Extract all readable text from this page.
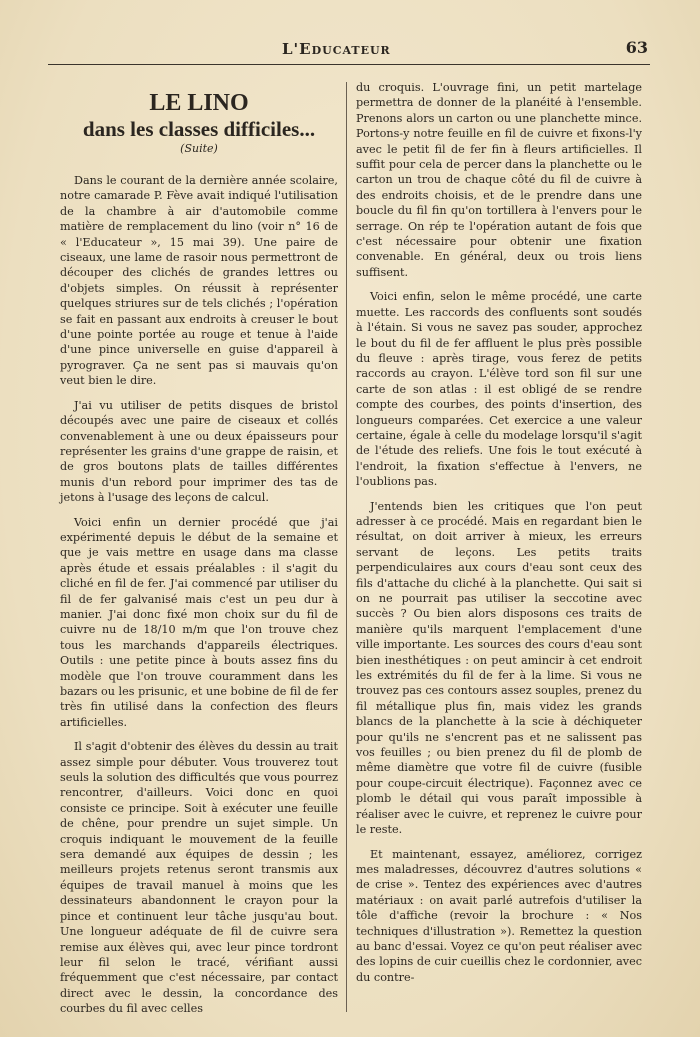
L'Educateur	63
LE LINO
dans les classes difficiles...
(Suite)

Dans le courant de la dernière année scolaire, notre camarade P. Fève avait indiqué l'utilisation de la chambre à air d'automobile comme matière de remplacement du lino (voir n° 16 de « l'Educateur », 15 mai 39). Une paire de ciseaux, une lame de rasoir nous permettront de découper des clichés de grandes lettres ou d'objets simples. On réussit à représenter quelques striures sur de tels clichés ; l'opération se fait en passant aux endroits à creuser le bout d'une pointe portée au rouge et tenue à l'aide d'une pince universelle en guise d'appareil à pyrograver. Ça ne sent pas si mauvais qu'on veut bien le dire.

J'ai vu utiliser de petits disques de bristol découpés avec une paire de ciseaux et collés convenablement à une ou deux épaisseurs pour représenter les grains d'une grappe de raisin, et de gros boutons plats de tailles différentes munis d'un rebord pour imprimer des tas de jetons à l'usage des leçons de calcul.

Voici enfin un dernier procédé que j'ai expérimenté depuis le début de la semaine et que je vais mettre en usage dans ma classe après étude et essais préalables : il s'agit du cliché en fil de fer. J'ai commencé par utiliser du fil de fer galvanisé mais c'est un peu dur à manier. J'ai donc fixé mon choix sur du fil de cuivre nu de 18/10 m/m que l'on trouve chez tous les marchands d'appareils électriques. Outils : une petite pince à bouts assez fins du modèle que l'on trouve couramment dans les bazars ou les prisunic, et une bobine de fil de fer très fin utilisé dans la confection des fleurs artificielles.

Il s'agit d'obtenir des élèves du dessin au trait assez simple pour débuter. Vous trouverez tout seuls la solution des difficultés que vous pourrez rencontrer, d'ailleurs. Voici donc en quoi consiste ce principe. Soit à exécuter une feuille de chêne, pour prendre un sujet simple. Un croquis indiquant le mouvement de la feuille sera demandé aux équipes de dessin ; les meilleurs projets retenus seront transmis aux équipes de travail manuel à moins que les dessinateurs abandonnent le crayon pour la pince et continuent leur tâche jusqu'au bout. Une longueur adéquate de fil de cuivre sera remise aux élèves qui, avec leur pince tordront leur fil selon le tracé, vérifiant aussi fréquemment que c'est nécessaire, par contact direct avec le dessin, la concordance des courbes du fil avec celles

du croquis. L'ouvrage fini, un petit martelage permettra de donner de la planéité à l'ensemble. Prenons alors un carton ou une planchette mince. Portons-y notre feuille en fil de cuivre et fixons-l'y avec le petit fil de fer fin à fleurs artificielles. Il suffit pour cela de percer dans la planchette ou le carton un trou de chaque côté du fil de cuivre à des endroits choisis, et de le prendre dans une boucle du fil fin qu'on tortillera à l'envers pour le serrage. On rép te l'opération autant de fois que c'est nécessaire pour obtenir une fixation convenable. En général, deux ou trois liens suffisent.

Voici enfin, selon le même procédé, une carte muette. Les raccords des confluents sont soudés à l'étain. Si vous ne savez pas souder, approchez le bout du fil de fer affluent le plus près possible du fleuve : après tirage, vous ferez de petits raccords au crayon. L'élève tord son fil sur une carte de son atlas : il est obligé de se rendre compte des courbes, des points d'insertion, des longueurs comparées. Cet exercice a une valeur certaine, égale à celle du modelage lorsqu'il s'agit de l'étude des reliefs. Une fois le tout exécuté à l'endroit, la fixation s'effectue à l'envers, ne l'oublions pas.

J'entends bien les critiques que l'on peut adresser à ce procédé. Mais en regardant bien le résultat, on doit arriver à mieux, les erreurs servant de leçons. Les petits traits perpendiculaires aux cours d'eau sont ceux des fils d'attache du cliché à la planchette. Qui sait si on ne pourrait pas utiliser la seccotine avec succès ? Ou bien alors disposons ces traits de manière qu'ils marquent l'emplacement d'une ville importante. Les sources des cours d'eau sont bien inesthétiques : on peut amincir à cet endroit les extrémités du fil de fer à la lime. Si vous ne trouvez pas ces contours assez souples, prenez du fil métallique plus fin, mais videz les grands blancs de la planchette à la scie à déchiqueter pour qu'ils ne s'encrent pas et ne salissent pas vos feuilles ; ou bien prenez du fil de plomb de même diamètre que votre fil de cuivre (fusible pour coupe-circuit électrique). Façonnez avec ce plomb le détail qui vous paraît impossible à réaliser avec le cuivre, et reprenez le cuivre pour le reste.

Et maintenant, essayez, améliorez, corrigez mes maladresses, découvrez d'autres solutions « de crise ». Tentez des expériences avec d'autres matériaux : on avait parlé autrefois d'utiliser la tôle d'affiche (revoir la brochure : « Nos techniques d'illustration »). Remettez la question au banc d'essai. Voyez ce qu'on peut réaliser avec des lopins de cuir cueillis chez le cordonnier, avec du contre-
